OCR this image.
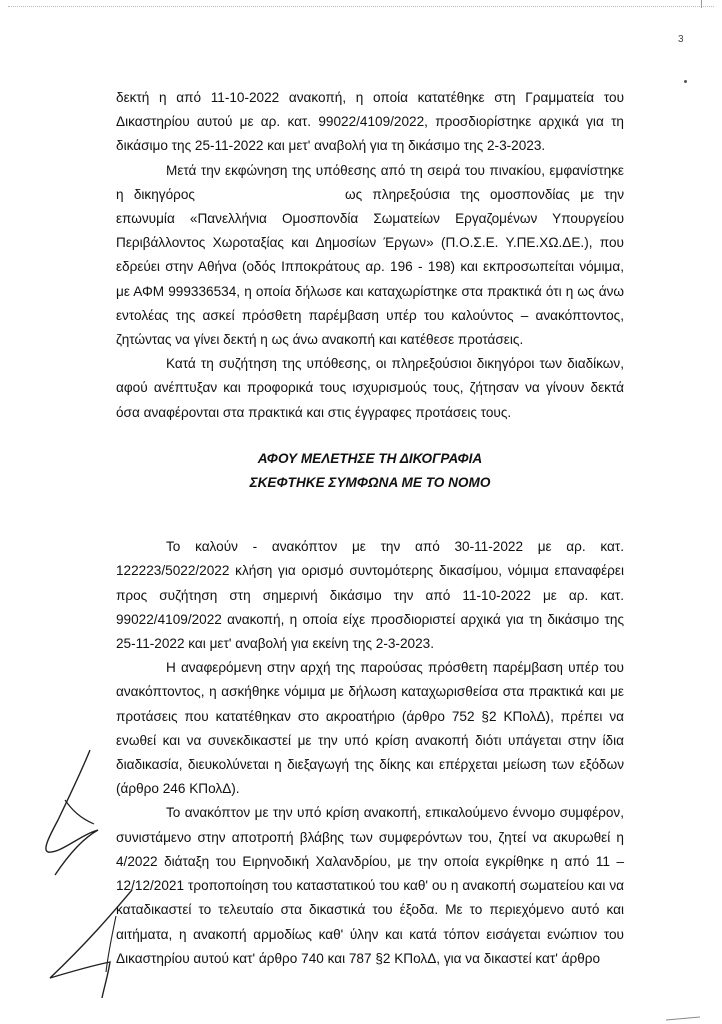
3

δεκτή η από 11-10-2022 ανακοπή, η οποία κατατέθηκε στη Γραμματεία του Δικαστηρίου αυτού με αρ. κατ. 99022/4109/2022, προσδιορίστηκε αρχικά για τη δικάσιμο της 25-11-2022 και μετ' αναβολή για τη δικάσιμο της 2-3-2023.

Μετά την εκφώνηση της υπόθεσης από τη σειρά του πινακίου, εμφανίστηκε η δικηγόρος	ως πληρεξούσια της ομοσπονδίας με την επωνυμία «Πανελλήνια Ομοσπονδία Σωματείων Εργαζομένων Υπουργείου Περιβάλλοντος Χωροταξίας και Δημοσίων Έργων» (Π.Ο.Σ.Ε. Υ.ΠΕ.ΧΩ.ΔΕ.), που εδρεύει στην Αθήνα (οδός Ιπποκράτους αρ. 196 - 198) και εκπροσωπείται νόμιμα, με ΑΦΜ 999336534, η οποία δήλωσε και καταχωρίστηκε στα πρακτικά ότι η ως άνω εντολέας της ασκεί πρόσθετη παρέμβαση υπέρ του καλούντος – ανακόπτοντος, ζητώντας να γίνει δεκτή η ως άνω ανακοπή και κατέθεσε προτάσεις.

Κατά τη συζήτηση της υπόθεσης, οι πληρεξούσιοι δικηγόροι των διαδίκων, αφού ανέπτυξαν και προφορικά τους ισχυρισμούς τους, ζήτησαν να γίνουν δεκτά όσα αναφέρονται στα πρακτικά και στις έγγραφες προτάσεις τους.

ΑΦΟΥ ΜΕΛΕΤΗΣΕ ΤΗ ΔΙΚΟΓΡΑΦΙΑ
ΣΚΕΦΤΗΚΕ ΣΥΜΦΩΝΑ ΜΕ ΤΟ ΝΟΜΟ

Το καλούν - ανακόπτον με την από 30-11-2022 με αρ. κατ. 122223/5022/2022 κλήση για ορισμό συντομότερης δικασίμου, νόμιμα επαναφέρει προς συζήτηση στη σημερινή δικάσιμο την από 11-10-2022 με αρ. κατ. 99022/4109/2022 ανακοπή, η οποία είχε προσδιοριστεί αρχικά για τη δικάσιμο της 25-11-2022 και μετ' αναβολή για εκείνη της 2-3-2023.

Η αναφερόμενη στην αρχή της παρούσας πρόσθετη παρέμβαση υπέρ του ανακόπτοντος, η ασκήθηκε νόμιμα με δήλωση καταχωρισθείσα στα πρακτικά και με προτάσεις που κατατέθηκαν στο ακροατήριο (άρθρο 752 §2 ΚΠολΔ), πρέπει να ενωθεί και να συνεκδικαστεί με την υπό κρίση ανακοπή διότι υπάγεται στην ίδια διαδικασία, διευκολύνεται η διεξαγωγή της δίκης και επέρχεται μείωση των εξόδων (άρθρο 246 ΚΠολΔ).

Το ανακόπτον με την υπό κρίση ανακοπή, επικαλούμενο έννομο συμφέρον, συνιστάμενο στην αποτροπή βλάβης των συμφερόντων του, ζητεί να ακυρωθεί η 4/2022 διάταξη του Ειρηνοδική Χαλανδρίου, με την οποία εγκρίθηκε η από 11 – 12/12/2021 τροποποίηση του καταστατικού του καθ' ου η ανακοπή σωματείου και να καταδικαστεί το τελευταίο στα δικαστικά του έξοδα. Με το περιεχόμενο αυτό και αιτήματα, η ανακοπή αρμοδίως καθ' ύλην και κατά τόπον εισάγεται ενώπιον του Δικαστηρίου αυτού κατ' άρθρο 740 και 787 §2 ΚΠολΔ, για να δικαστεί κατ' άρθρο
